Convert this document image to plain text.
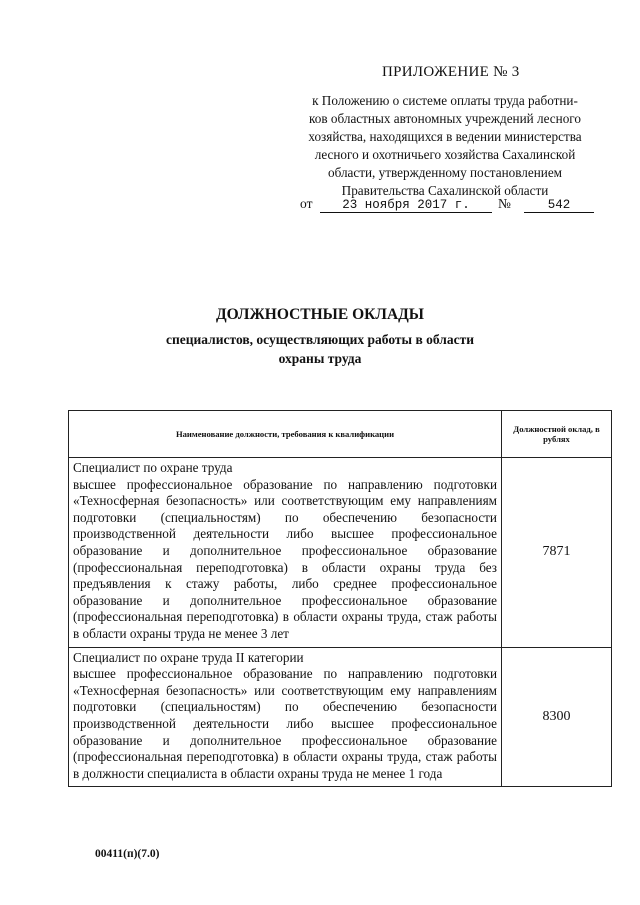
ПРИЛОЖЕНИЕ № 3
к Положению о системе оплаты труда работни-
ков областных автономных учреждений лесного
хозяйства, находящихся в ведении министерства
лесного и охотничьего хозяйства Сахалинской
области, утвержденному постановлением
Правительства Сахалинской области
от	23 ноября 2017 г.	№	542
ДОЛЖНОСТНЫЕ ОКЛАДЫ
специалистов, осуществляющих работы в области
охраны труда
Наименование должности, требования к квалификации	Должностной оклад, в рублях

Специалист по охране труда
высшее профессиональное образование по направлению подготовки «Техносферная безопасность» или соответствующим ему направлениям подготовки (специальностям) по обеспечению безопасности производственной деятельности либо высшее профессиональное образование и дополнительное профессиональное образование (профессиональная переподготовка) в области охраны труда без предъявления к стажу работы, либо среднее профессиональное образование и дополнительное профессиональное образование (профессиональная переподготовка) в области охраны труда, стаж работы в области охраны труда не менее 3 лет	7871

Специалист по охране труда II категории
высшее профессиональное образование по направлению подготовки «Техносферная безопасность» или соответствующим ему направлениям подготовки (специальностям) по обеспечению безопасности производственной деятельности либо высшее профессиональное образование и дополнительное профессиональное образование (профессиональная переподготовка) в области охраны труда, стаж работы в должности специалиста в области охраны труда не менее 1 года	8300
00411(п)(7.0)
